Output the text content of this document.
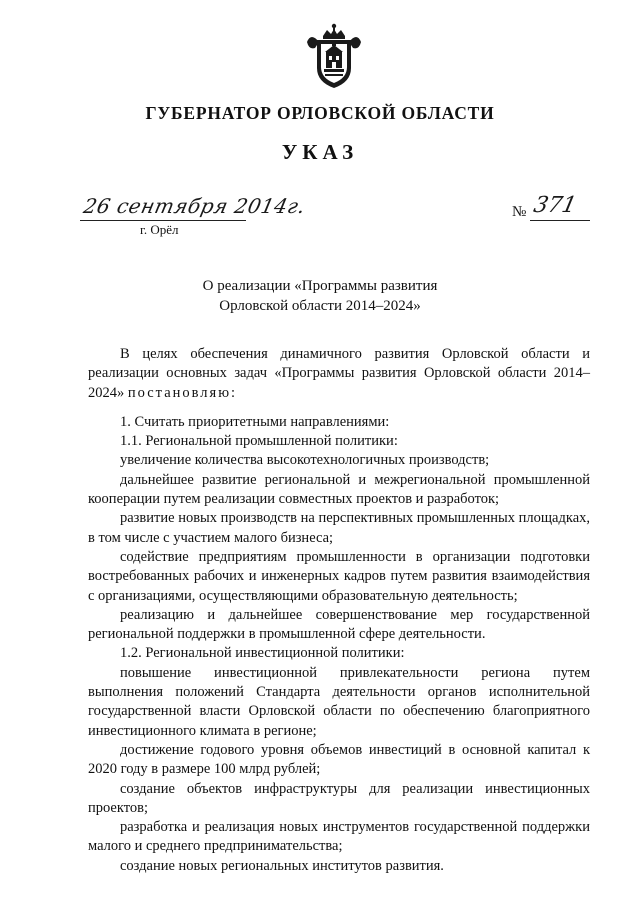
ГУБЕРНАТОР ОРЛОВСКОЙ ОБЛАСТИ
УКАЗ
26 сентября 2014г.
г. Орёл
№ 371
О реализации «Программы развития
Орловской области 2014–2024»

В целях обеспечения динамичного развития Орловской области и реализации основных задач «Программы развития Орловской области 2014–2024» постановляю:

1. Считать приоритетными направлениями:

1.1. Региональной промышленной политики:

увеличение количества высокотехнологичных производств;

дальнейшее развитие региональной и межрегиональной промышленной кооперации путем реализации совместных проектов и разработок;

развитие новых производств на перспективных промышленных площадках, в том числе с участием малого бизнеса;

содействие предприятиям промышленности в организации подготовки востребованных рабочих и инженерных кадров путем развития взаимодействия с организациями, осуществляющими образовательную деятельность;

реализацию и дальнейшее совершенствование мер государственной региональной поддержки в промышленной сфере деятельности.

1.2. Региональной инвестиционной политики:

повышение инвестиционной привлекательности региона путем выполнения положений Стандарта деятельности органов исполнительной государственной власти Орловской области по обеспечению благоприятного инвестиционного климата в регионе;

достижение годового уровня объемов инвестиций в основной капитал к 2020 году в размере 100 млрд рублей;

создание объектов инфраструктуры для реализации инвестиционных проектов;

разработка и реализация новых инструментов государственной поддержки малого и среднего предпринимательства;

создание новых региональных институтов развития.
